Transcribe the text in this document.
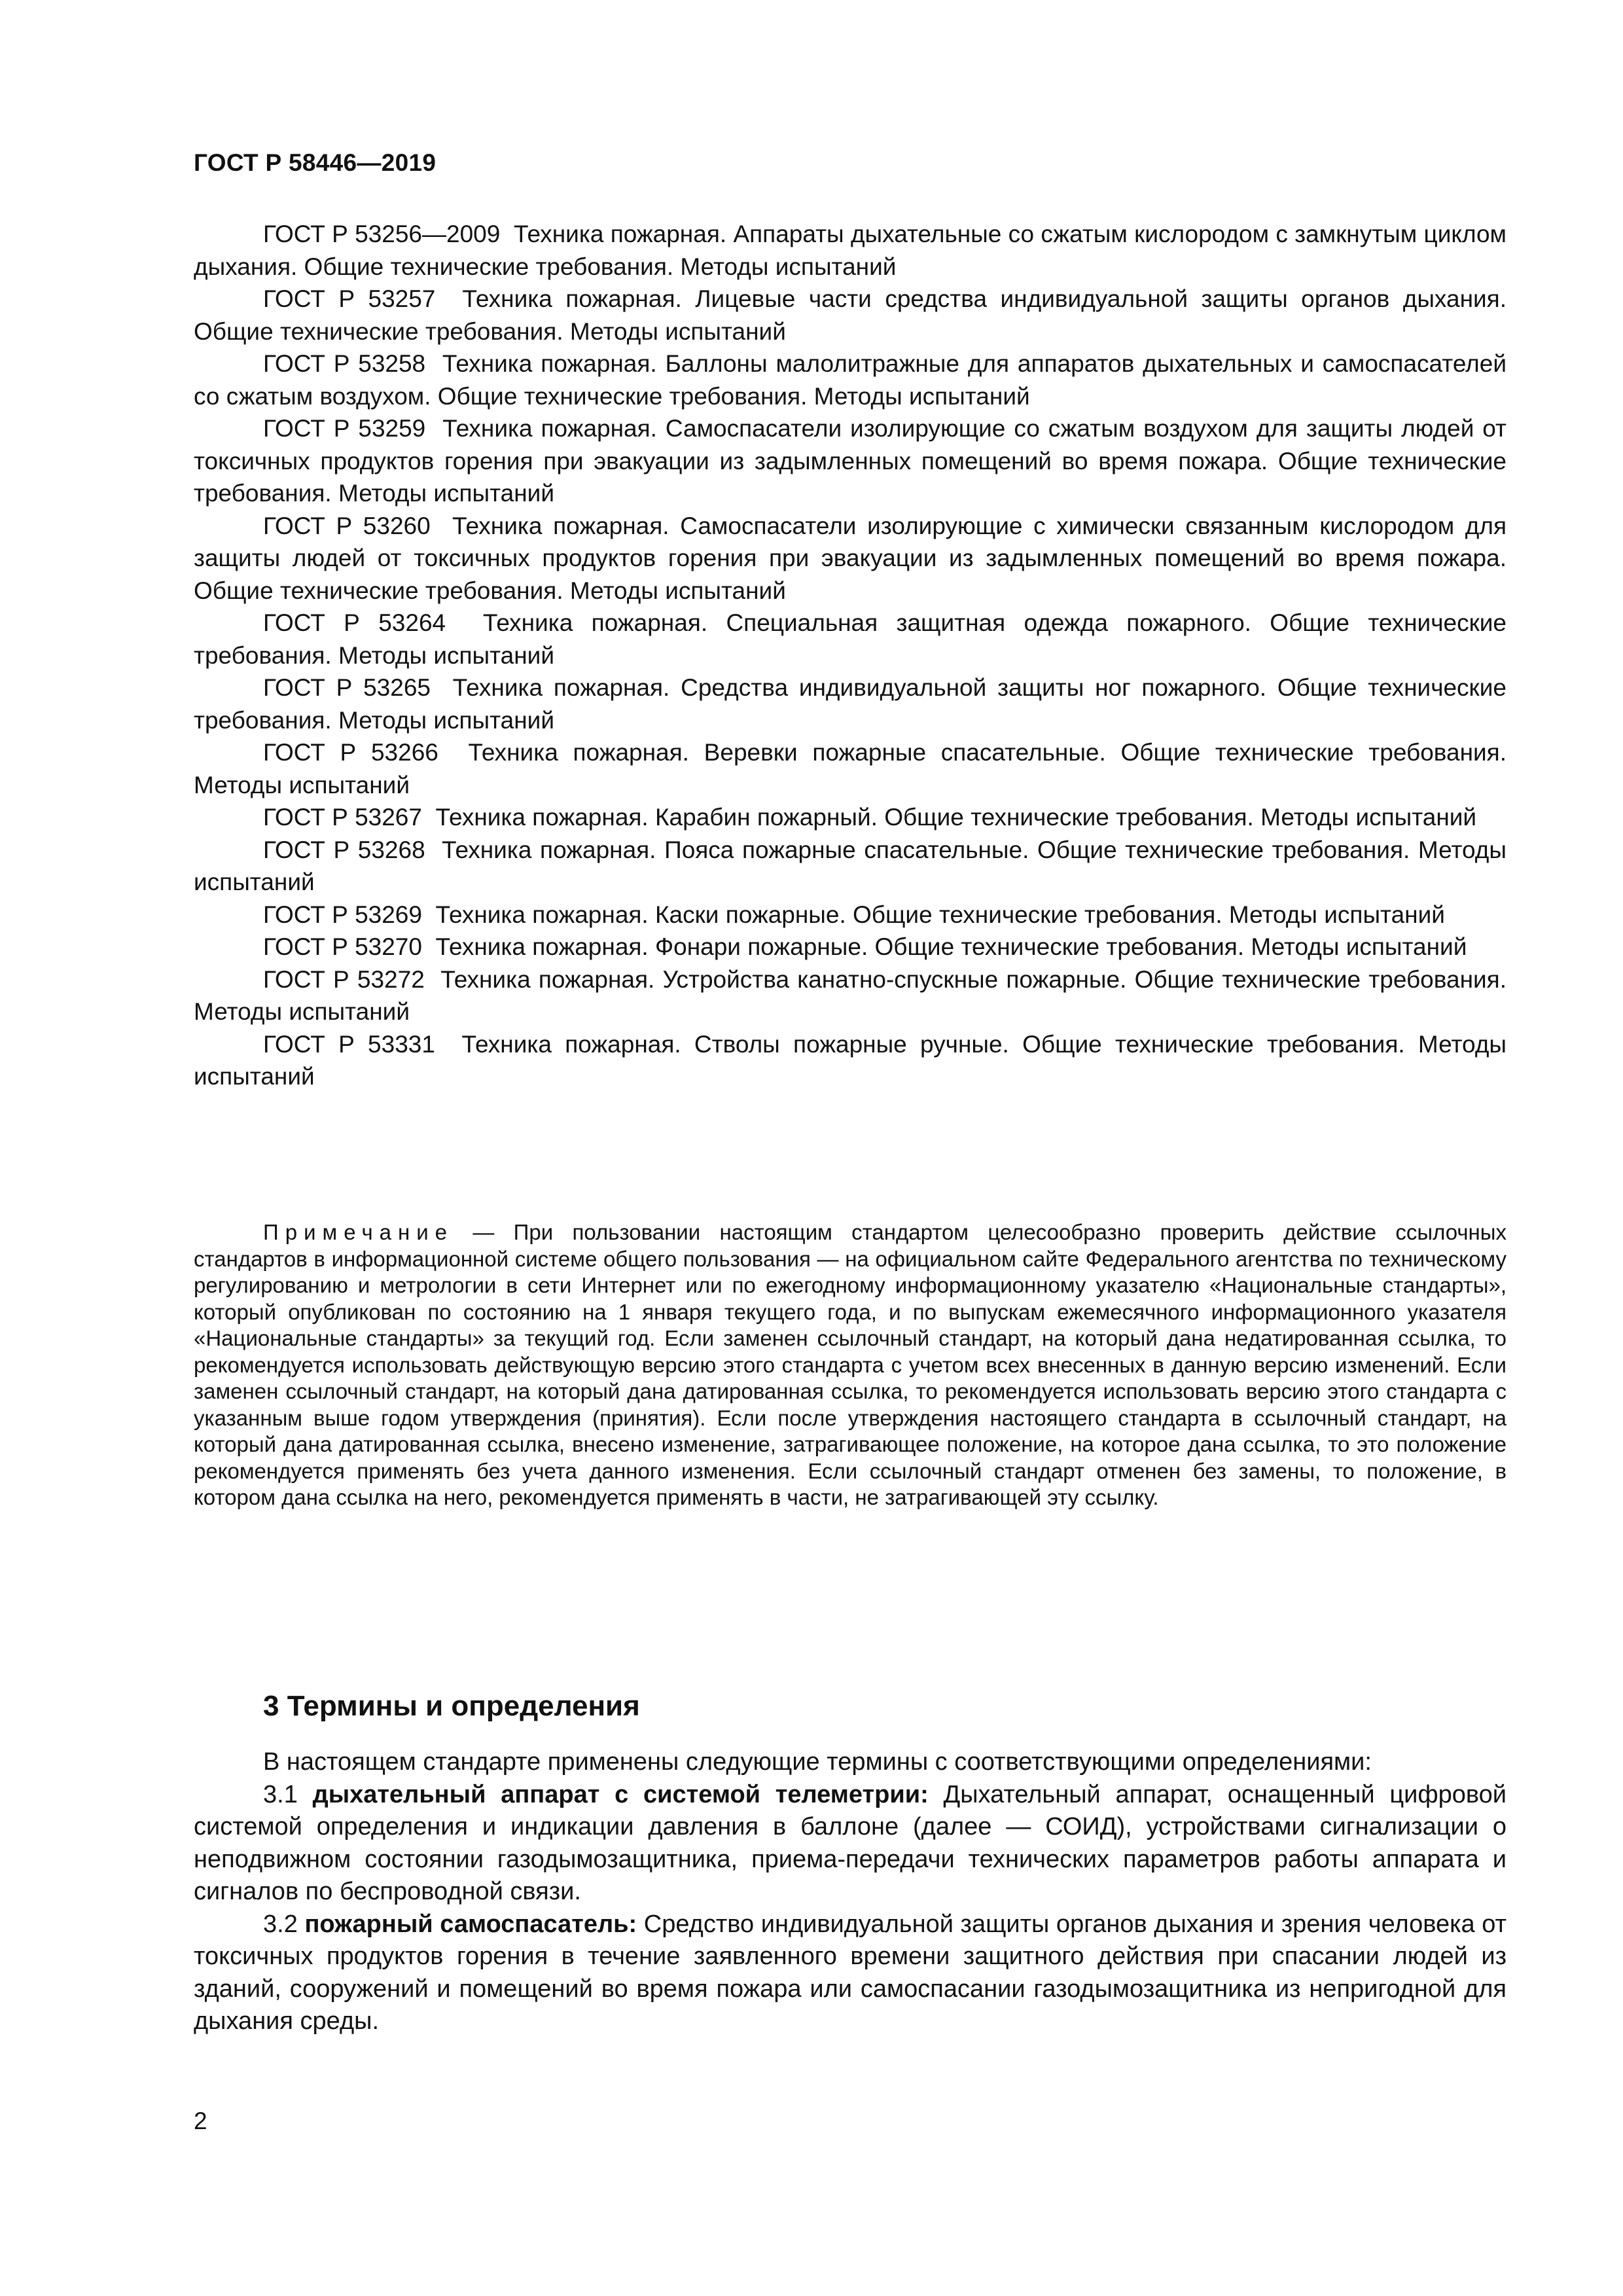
ГОСТ Р 58446—2019

ГОСТ Р 53256—2009 Техника пожарная. Аппараты дыхательные со сжатым кислородом с замкнутым циклом дыхания. Общие технические требования. Методы испытаний

ГОСТ Р 53257 Техника пожарная. Лицевые части средства индивидуальной защиты органов дыхания. Общие технические требования. Методы испытаний

ГОСТ Р 53258 Техника пожарная. Баллоны малолитражные для аппаратов дыхательных и самоспасателей со сжатым воздухом. Общие технические требования. Методы испытаний

ГОСТ Р 53259 Техника пожарная. Самоспасатели изолирующие со сжатым воздухом для защиты людей от токсичных продуктов горения при эвакуации из задымленных помещений во время пожара. Общие технические требования. Методы испытаний

ГОСТ Р 53260 Техника пожарная. Самоспасатели изолирующие с химически связанным кислородом для защиты людей от токсичных продуктов горения при эвакуации из задымленных помещений во время пожара. Общие технические требования. Методы испытаний

ГОСТ Р 53264 Техника пожарная. Специальная защитная одежда пожарного. Общие технические требования. Методы испытаний

ГОСТ Р 53265 Техника пожарная. Средства индивидуальной защиты ног пожарного. Общие технические требования. Методы испытаний

ГОСТ Р 53266 Техника пожарная. Веревки пожарные спасательные. Общие технические требования. Методы испытаний

ГОСТ Р 53267 Техника пожарная. Карабин пожарный. Общие технические требования. Методы испытаний

ГОСТ Р 53268 Техника пожарная. Пояса пожарные спасательные. Общие технические требования. Методы испытаний

ГОСТ Р 53269 Техника пожарная. Каски пожарные. Общие технические требования. Методы испытаний

ГОСТ Р 53270 Техника пожарная. Фонари пожарные. Общие технические требования. Методы испытаний

ГОСТ Р 53272 Техника пожарная. Устройства канатно-спускные пожарные. Общие технические требования. Методы испытаний

ГОСТ Р 53331 Техника пожарная. Стволы пожарные ручные. Общие технические требования. Методы испытаний

Примечание — При пользовании настоящим стандартом целесообразно проверить действие ссылочных стандартов в информационной системе общего пользования — на официальном сайте Федерального агентства по техническому регулированию и метрологии в сети Интернет или по ежегодному информационному указателю «Национальные стандарты», который опубликован по состоянию на 1 января текущего года, и по выпускам ежемесячного информационного указателя «Национальные стандарты» за текущий год. Если заменен ссылочный стандарт, на который дана недатированная ссылка, то рекомендуется использовать действующую версию этого стандарта с учетом всех внесенных в данную версию изменений. Если заменен ссылочный стандарт, на который дана датированная ссылка, то рекомендуется использовать версию этого стандарта с указанным выше годом утверждения (принятия). Если после утверждения настоящего стандарта в ссылочный стандарт, на который дана датированная ссылка, внесено изменение, затрагивающее положение, на которое дана ссылка, то это положение рекомендуется применять без учета данного изменения. Если ссылочный стандарт отменен без замены, то положение, в котором дана ссылка на него, рекомендуется применять в части, не затрагивающей эту ссылку.

3 Термины и определения

В настоящем стандарте применены следующие термины с соответствующими определениями:

3.1 дыхательный аппарат с системой телеметрии: Дыхательный аппарат, оснащенный цифровой системой определения и индикации давления в баллоне (далее — СОИД), устройствами сигнализации о неподвижном состоянии газодымозащитника, приема-передачи технических параметров работы аппарата и сигналов по беспроводной связи.

3.2 пожарный самоспасатель: Средство индивидуальной защиты органов дыхания и зрения человека от токсичных продуктов горения в течение заявленного времени защитного действия при спасании людей из зданий, сооружений и помещений во время пожара или самоспасании газодымозащитника из непригодной для дыхания среды.

2
